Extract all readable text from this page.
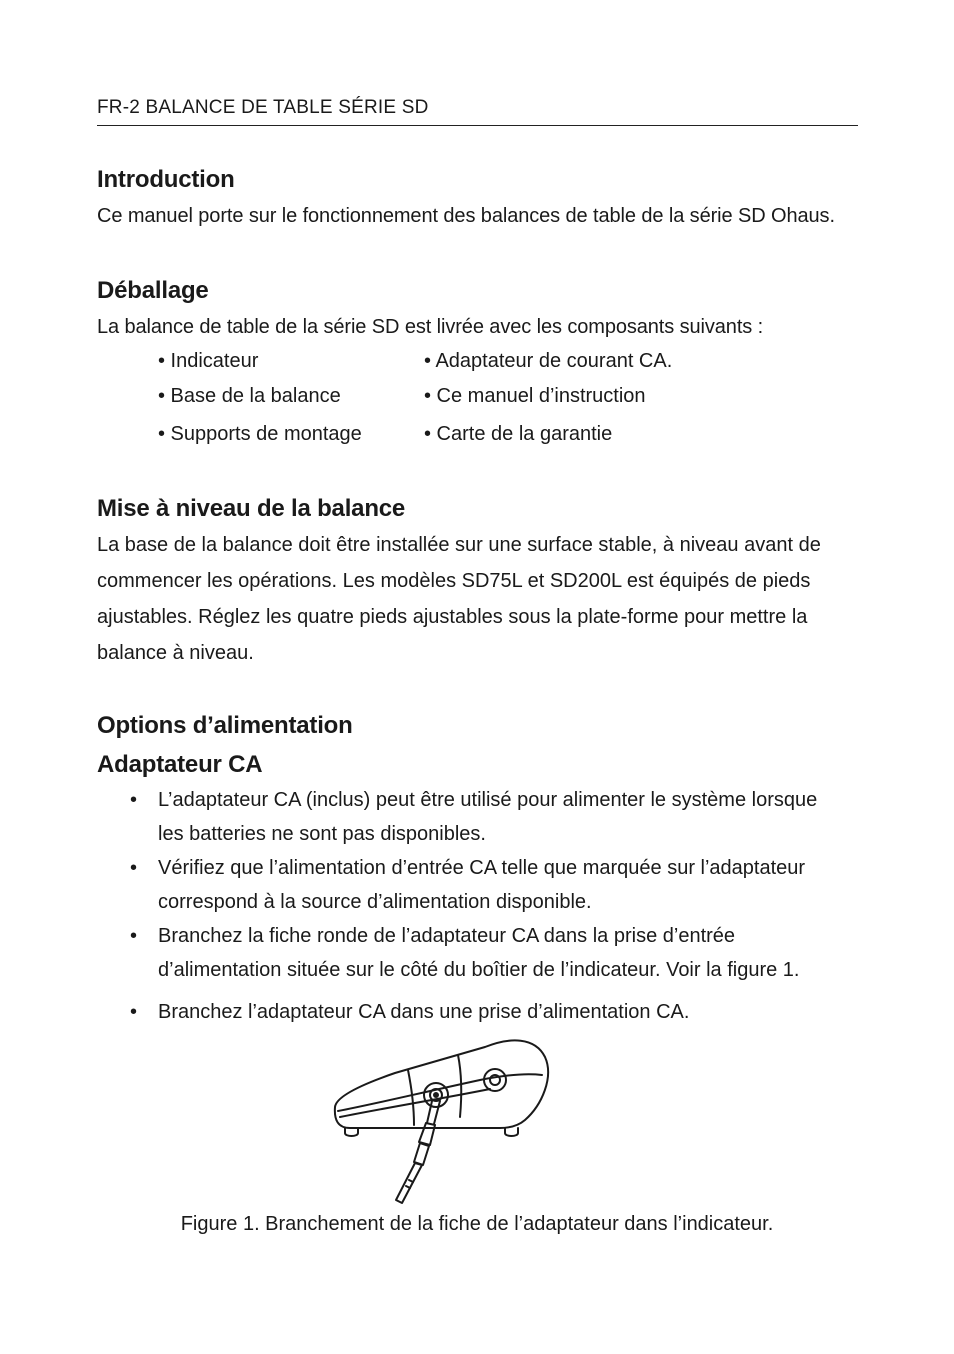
FR-2 BALANCE DE TABLE SÉRIE SD
Introduction
Ce manuel porte sur le fonctionnement des balances de table de la série SD Ohaus.
Déballage
La balance de table de la série SD est livrée avec les composants suivants :
• Indicateur
• Base de la balance
• Supports de montage
• Adaptateur de courant CA.
• Ce manuel d’instruction
• Carte de la garantie
Mise à niveau de la balance
La base de la balance doit être installée sur une surface stable, à niveau avant de
commencer les opérations. Les modèles SD75L et SD200L est équipés de pieds
ajustables. Réglez les quatre pieds ajustables sous la plate-forme pour mettre la
balance à niveau.
Options d’alimentation
Adaptateur CA
• L’adaptateur CA (inclus) peut être utilisé pour alimenter le système lorsque
les batteries ne sont pas disponibles.
• Vérifiez que l’alimentation d’entrée CA telle que marquée sur l’adaptateur
correspond à la source d’alimentation disponible.
• Branchez la fiche ronde de l’adaptateur CA dans la prise d’entrée
d’alimentation située sur le côté du boîtier de l’indicateur. Voir la figure 1.
• Branchez l’adaptateur CA dans une prise d’alimentation CA.
Figure 1. Branchement de la fiche de l’adaptateur dans l’indicateur.
